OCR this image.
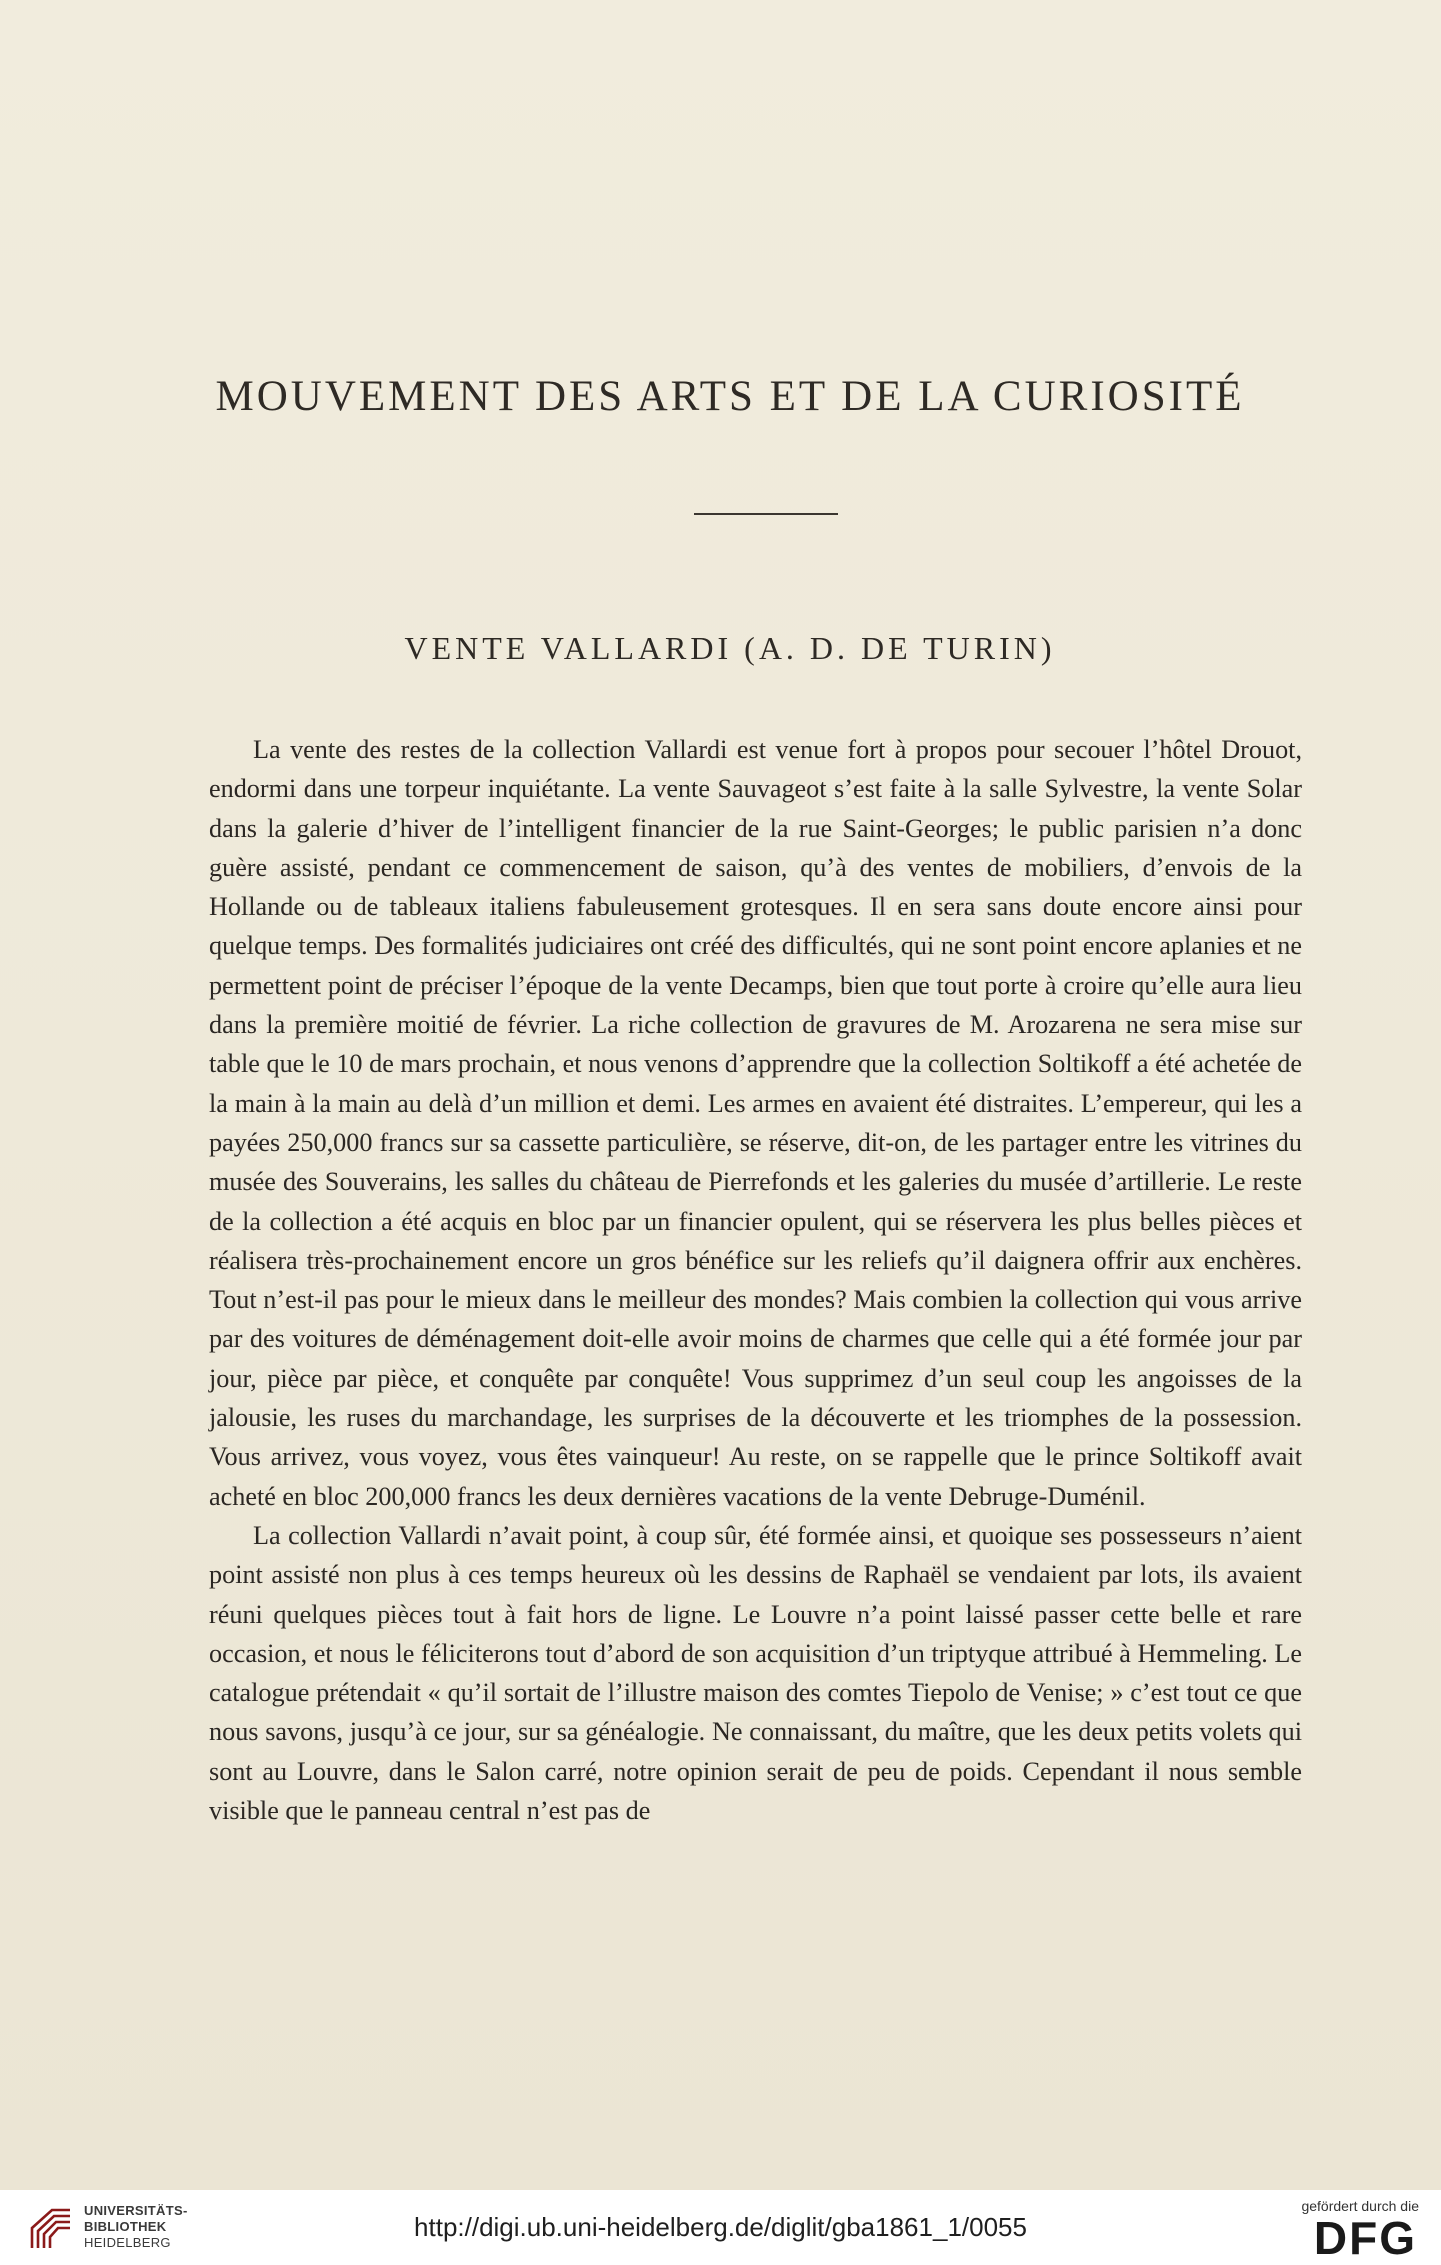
MOUVEMENT DES ARTS ET DE LA CURIOSITÉ
VENTE VALLARDI (A. D. DE TURIN)

La vente des restes de la collection Vallardi est venue fort à propos pour secouer l’hôtel Drouot, endormi dans une torpeur inquiétante. La vente Sauvageot s’est faite à la salle Sylvestre, la vente Solar dans la galerie d’hiver de l’intelligent financier de la rue Saint-Georges; le public parisien n’a donc guère assisté, pendant ce commencement de saison, qu’à des ventes de mobiliers, d’envois de la Hollande ou de tableaux italiens fabuleusement grotesques. Il en sera sans doute encore ainsi pour quelque temps. Des formalités judiciaires ont créé des difficultés, qui ne sont point encore aplanies et ne permettent point de préciser l’époque de la vente Decamps, bien que tout porte à croire qu’elle aura lieu dans la première moitié de février. La riche collection de gravures de M. Arozarena ne sera mise sur table que le 10 de mars prochain, et nous venons d’apprendre que la collection Soltikoff a été achetée de la main à la main au delà d’un million et demi. Les armes en avaient été distraites. L’empereur, qui les a payées 250,000 francs sur sa cassette particulière, se réserve, dit-on, de les partager entre les vitrines du musée des Souverains, les salles du château de Pierrefonds et les galeries du musée d’artillerie. Le reste de la collection a été acquis en bloc par un financier opulent, qui se réservera les plus belles pièces et réalisera très-prochainement encore un gros bénéfice sur les reliefs qu’il daignera offrir aux enchères. Tout n’est-il pas pour le mieux dans le meilleur des mondes? Mais combien la collection qui vous arrive par des voitures de déménagement doit-elle avoir moins de charmes que celle qui a été formée jour par jour, pièce par pièce, et conquête par conquête! Vous supprimez d’un seul coup les angoisses de la jalousie, les ruses du marchandage, les surprises de la découverte et les triomphes de la possession. Vous arrivez, vous voyez, vous êtes vainqueur! Au reste, on se rappelle que le prince Soltikoff avait acheté en bloc 200,000 francs les deux dernières vacations de la vente Debruge-Duménil.

La collection Vallardi n’avait point, à coup sûr, été formée ainsi, et quoique ses possesseurs n’aient point assisté non plus à ces temps heureux où les dessins de Raphaël se vendaient par lots, ils avaient réuni quelques pièces tout à fait hors de ligne. Le Louvre n’a point laissé passer cette belle et rare occasion, et nous le féliciterons tout d’abord de son acquisition d’un triptyque attribué à Hemmeling. Le catalogue prétendait « qu’il sortait de l’illustre maison des comtes Tiepolo de Venise; » c’est tout ce que nous savons, jusqu’à ce jour, sur sa généalogie. Ne connaissant, du maître, que les deux petits volets qui sont au Louvre, dans le Salon carré, notre opinion serait de peu de poids. Cependant il nous semble visible que le panneau central n’est pas de

UNIVERSITÄTS-
BIBLIOTHEK
HEIDELBERG
http://digi.ub.uni-heidelberg.de/diglit/gba1861_1/0055
gefördert durch die
DFG
